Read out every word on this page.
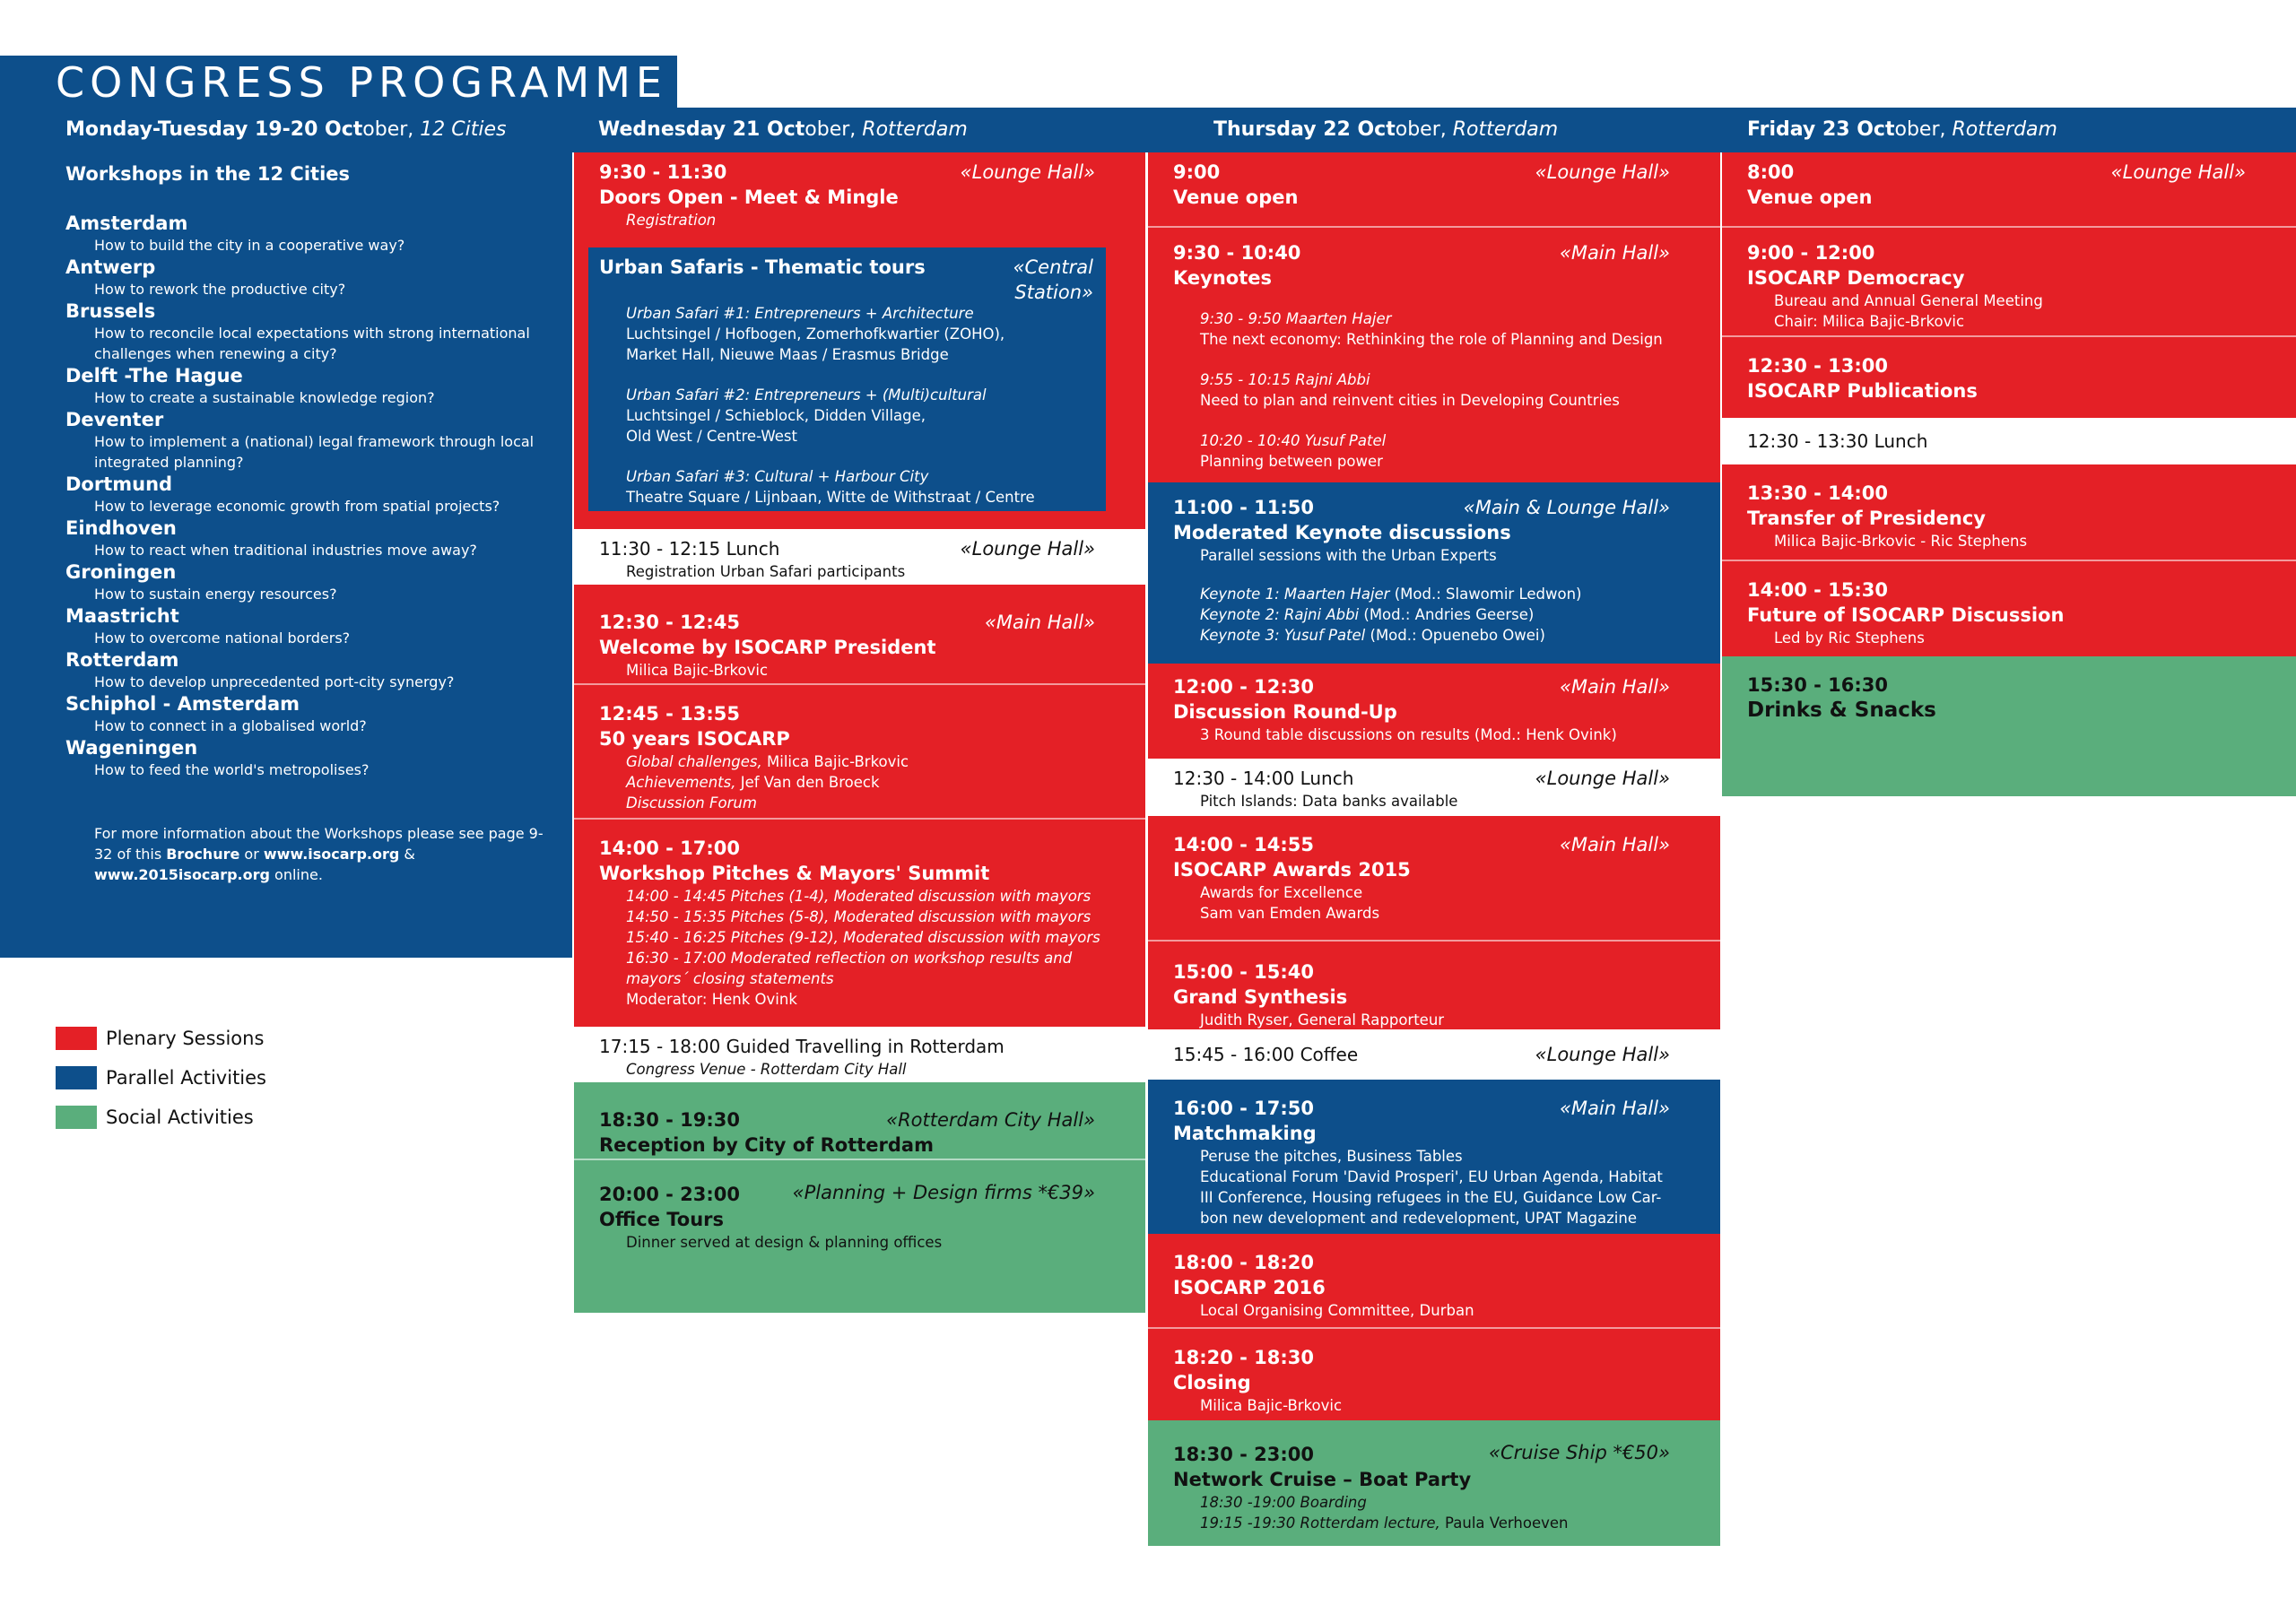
CONGRESS PROGRAMME
Monday-Tuesday 19-20 October, 12 Cities	Wednesday 21 October, Rotterdam	Thursday 22 October, Rotterdam	Friday 23 October, Rotterdam
Workshops in the 12 Cities
Amsterdam
How to build the city in a cooperative way?
Antwerp
How to rework the productive city?
Brussels
How to reconcile local expectations with strong international challenges when renewing a city?
Delft -The Hague
How to create a sustainable knowledge region?
Deventer
How to implement a (national) legal framework through local integrated planning?
Dortmund
How to leverage economic growth from spatial projects?
Eindhoven
How to react when traditional industries move away?
Groningen
How to sustain energy resources?
Maastricht
How to overcome national borders?
Rotterdam
How to develop unprecedented port-city synergy?
Schiphol - Amsterdam
How to connect in a globalised world?
Wageningen
How to feed the world's metropolises?
For more information about the Workshops please see page 9-32 of this Brochure or www.isocarp.org & www.2015isocarp.org online.
9:30 - 11:30
Doors Open - Meet & Mingle
Registration
«Lounge Hall»
Urban Safaris - Thematic tours	«Central
Station»
Urban Safari #1: Entrepreneurs + Architecture
Luchtsingel / Hofbogen, Zomerhofkwartier (ZOHO),
Market Hall, Nieuwe Maas / Erasmus Bridge
Urban Safari #2: Entrepreneurs + (Multi)cultural
Luchtsingel / Schieblock, Didden Village,
Old West / Centre-West
Urban Safari #3: Cultural + Harbour City
Theatre Square / Lijnbaan, Witte de Withstraat / Centre
11:30 - 12:15 Lunch
Registration Urban Safari participants
«Lounge Hall»
12:30 - 12:45
Welcome by ISOCARP President
Milica Bajic-Brkovic
«Main Hall»
12:45 - 13:55
50 years ISOCARP
Global challenges, Milica Bajic-Brkovic
Achievements, Jef Van den Broeck
Discussion Forum
14:00 - 17:00
Workshop Pitches & Mayors' Summit
14:00 - 14:45 Pitches (1-4), Moderated discussion with mayors
14:50 - 15:35 Pitches (5-8), Moderated discussion with mayors
15:40 - 16:25 Pitches (9-12), Moderated discussion with mayors
16:30 - 17:00 Moderated reflection on workshop results and
mayors´ closing statements
Moderator: Henk Ovink
17:15 - 18:00 Guided Travelling in Rotterdam
Congress Venue - Rotterdam City Hall
18:30 - 19:30
Reception by City of Rotterdam
«Rotterdam City Hall»
20:00 - 23:00
Office Tours
Dinner served at design & planning offices
«Planning + Design firms *€39»
9:00
Venue open
«Lounge Hall»
9:30 - 10:40
Keynotes
«Main Hall»
9:30 - 9:50 Maarten Hajer
The next economy: Rethinking the role of Planning and Design
9:55 - 10:15 Rajni Abbi
Need to plan and reinvent cities in Developing Countries
10:20 - 10:40 Yusuf Patel
Planning between power
11:00 - 11:50
Moderated Keynote discussions
Parallel sessions with the Urban Experts
«Main & Lounge Hall»
Keynote 1: Maarten Hajer (Mod.: Slawomir Ledwon)
Keynote 2: Rajni Abbi (Mod.: Andries Geerse)
Keynote 3: Yusuf Patel (Mod.: Opuenebo Owei)
12:00 - 12:30
Discussion Round-Up
3 Round table discussions on results (Mod.: Henk Ovink)
«Main Hall»
12:30 - 14:00 Lunch
Pitch Islands: Data banks available
«Lounge Hall»
14:00 - 14:55
ISOCARP Awards 2015
Awards for Excellence
Sam van Emden Awards
«Main Hall»
15:00 - 15:40
Grand Synthesis
Judith Ryser, General Rapporteur
15:45 - 16:00 Coffee	«Lounge Hall»
16:00 - 17:50
Matchmaking
Peruse the pitches, Business Tables
Educational Forum 'David Prosperi', EU Urban Agenda, Habitat
III Conference, Housing refugees in the EU, Guidance Low Car-
bon new development and redevelopment, UPAT Magazine
«Main Hall»
18:00 - 18:20
ISOCARP 2016
Local Organising Committee, Durban
18:20 - 18:30
Closing
Milica Bajic-Brkovic
18:30 - 23:00
Network Cruise – Boat Party
18:30 -19:00 Boarding
19:15 -19:30 Rotterdam lecture, Paula Verhoeven
«Cruise Ship *€50»
8:00
Venue open
«Lounge Hall»
9:00 - 12:00
ISOCARP Democracy
Bureau and Annual General Meeting
Chair: Milica Bajic-Brkovic
12:30 - 13:00
ISOCARP Publications
12:30 - 13:30 Lunch
13:30 - 14:00
Transfer of Presidency
Milica Bajic-Brkovic - Ric Stephens
14:00 - 15:30
Future of ISOCARP Discussion
Led by Ric Stephens
15:30 - 16:30
Drinks & Snacks
Plenary Sessions
Parallel Activities
Social Activities
